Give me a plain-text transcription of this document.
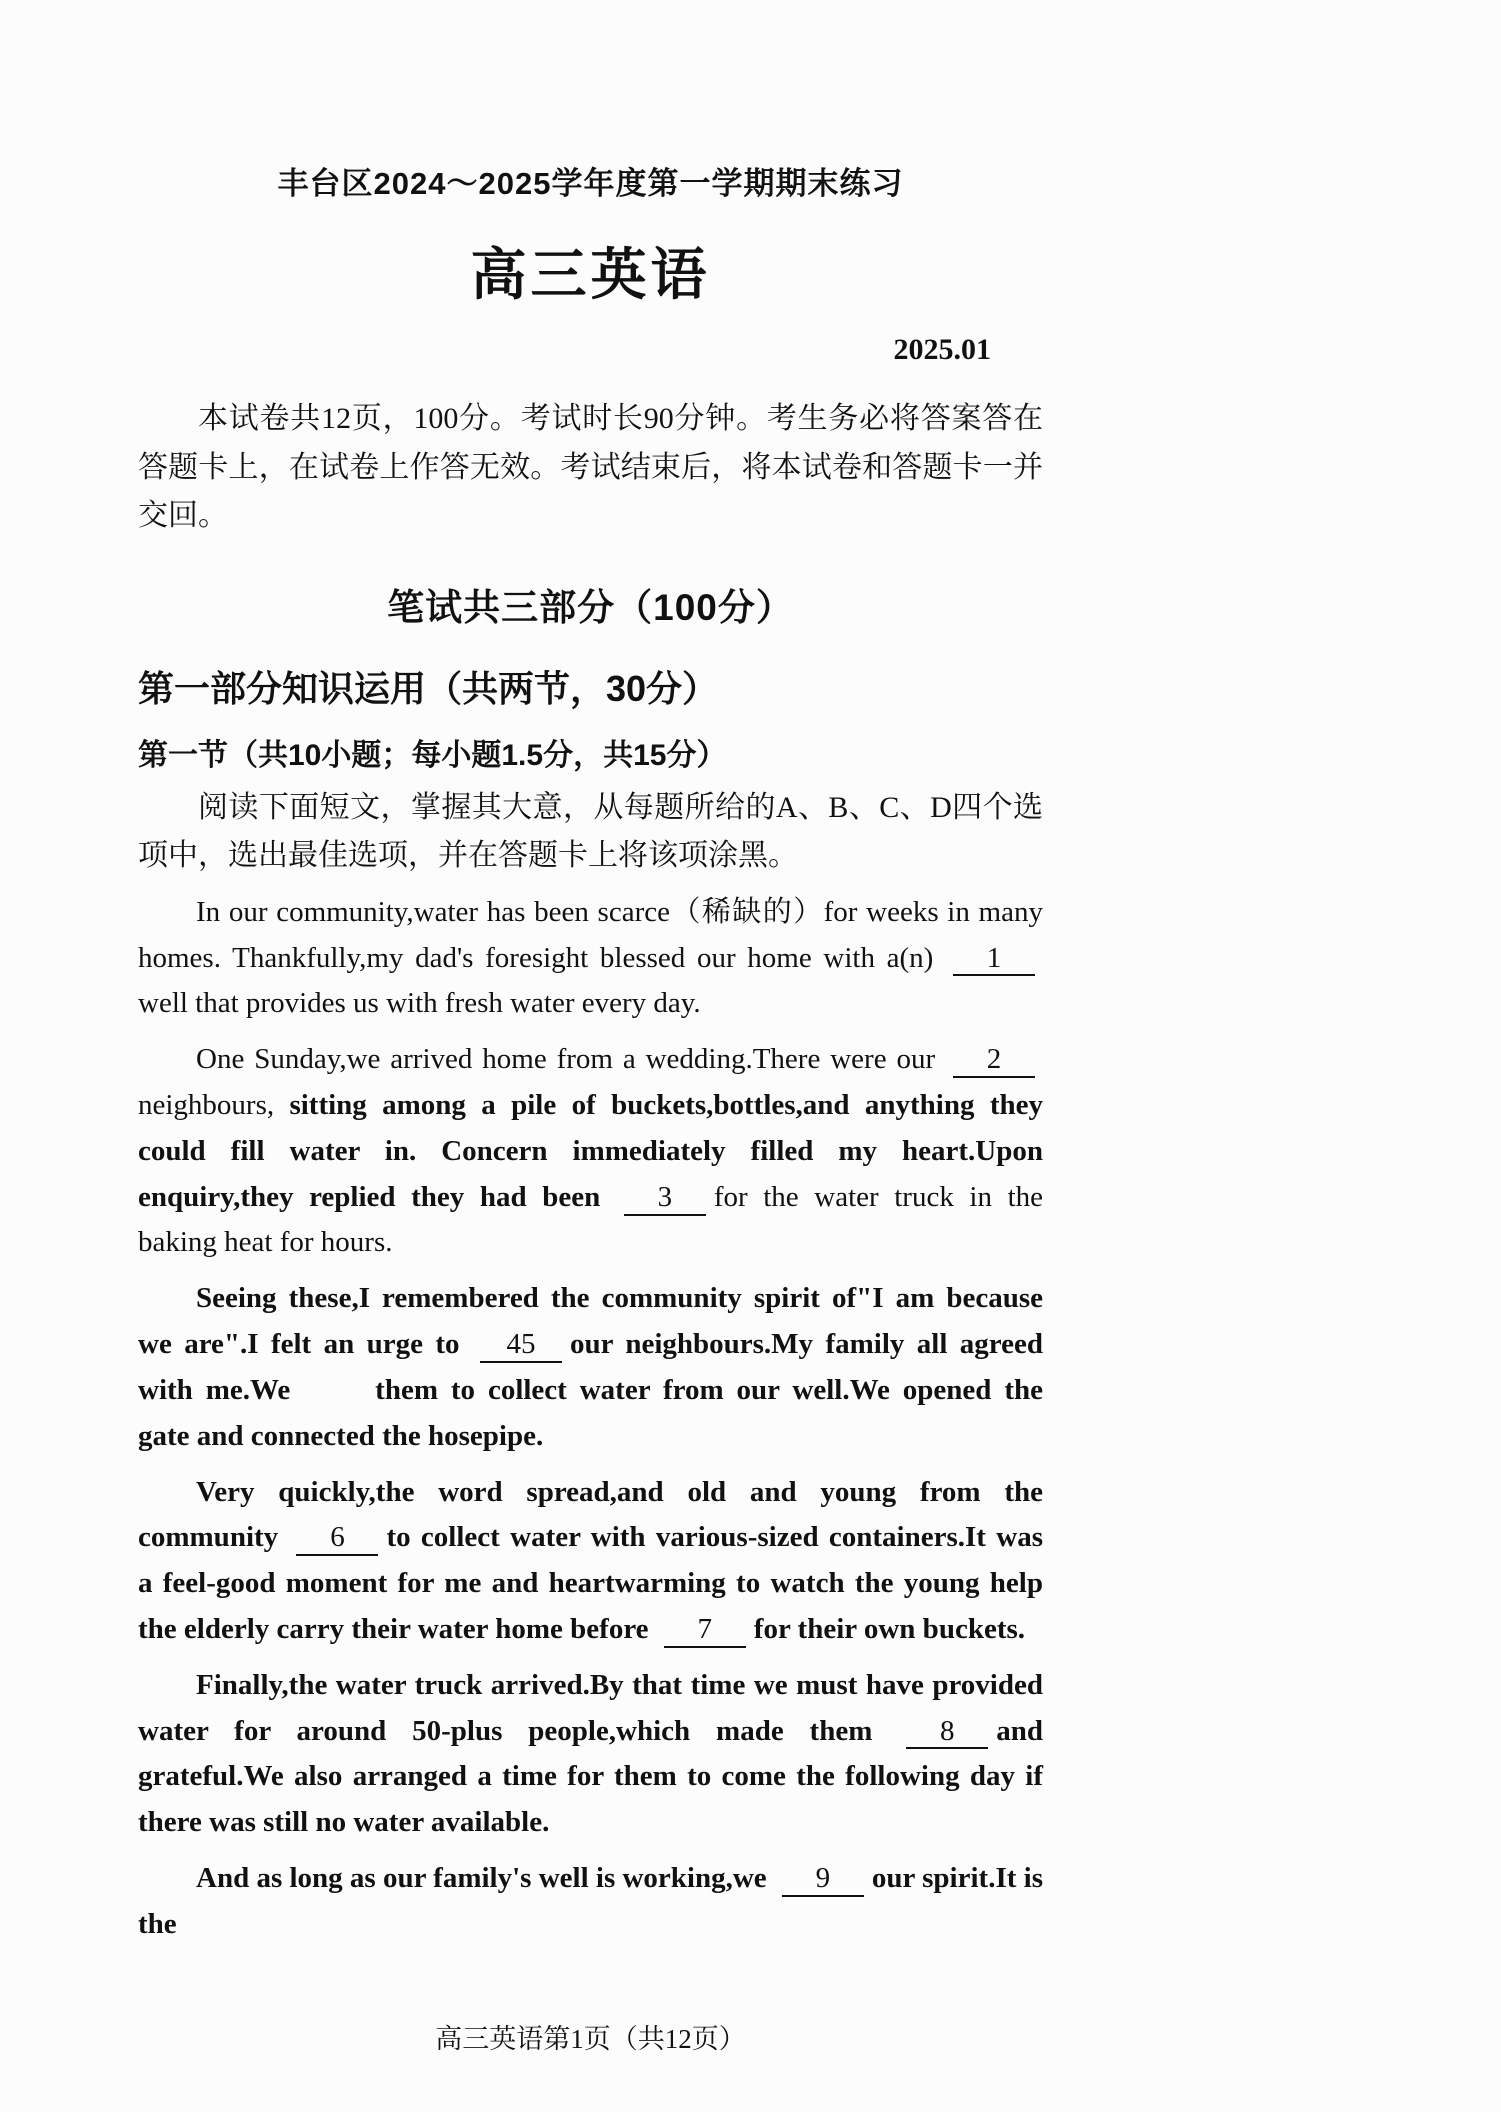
丰台区2024～2025学年度第一学期期末练习
高三英语
2025.01

本试卷共12页，100分。考试时长90分钟。考生务必将答案答在答题卡上，在试卷上作答无效。考试结束后，将本试卷和答题卡一并交回。

笔试共三部分（100分）
第一部分知识运用（共两节，30分）
第一节（共10小题；每小题1.5分，共15分）

阅读下面短文，掌握其大意，从每题所给的A、B、C、D四个选项中，选出最佳选项，并在答题卡上将该项涂黑。

In our community,water has been scarce（稀缺的）for weeks in many homes. Thankfully,my dad's foresight blessed our home with a(n) 1well that provides us with fresh water every day.

One Sunday,we arrived home from a wedding.There were our 2neighbours, sitting among a pile of buckets,bottles,and anything they could fill water in. Concern immediately filled my heart.Upon enquiry,they replied they had been 3 for the water truck in the baking heat for hours.

Seeing these,I remembered the community spirit of"I am because we are".I felt an urge to 45 our neighbours.My family all agreed with me.We them to collect water from our well.We opened the gate and connected the hosepipe.

Very quickly,the word spread,and old and young from the community 6 to collect water with various-sized containers.It was a feel-good moment for me and heartwarming to watch the young help the elderly carry their water home before 7 for their own buckets.

Finally,the water truck arrived.By that time we must have provided water for around 50-plus people,which made them 8 and grateful.We also arranged a time for them to come the following day if there was still no water available.

And as long as our family's well is working,we 9 our spirit.It is the

高三英语第1页（共12页）
